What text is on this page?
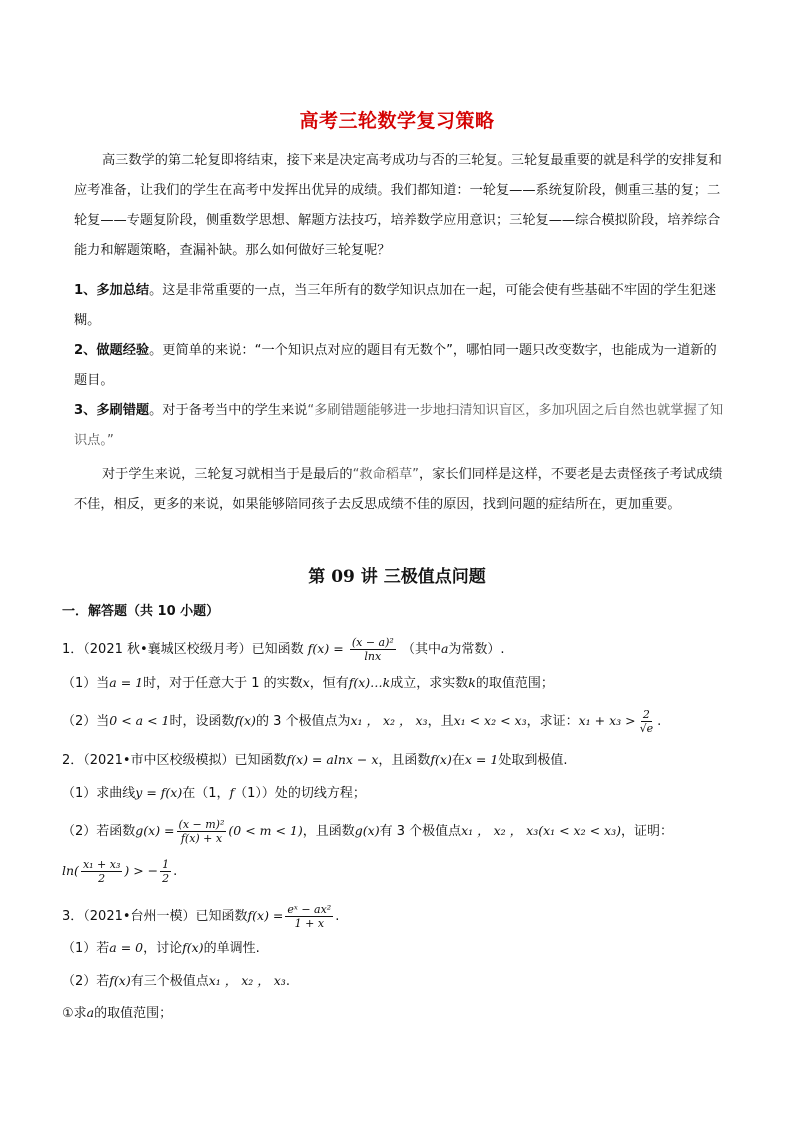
高考三轮数学复习策略

高三数学的第二轮复即将结束，接下来是决定高考成功与否的三轮复。三轮复最重要的就是科学的安排复和应考准备，让我们的学生在高考中发挥出优异的成绩。我们都知道：一轮复——系统复阶段，侧重三基的复；二轮复——专题复阶段，侧重数学思想、解题方法技巧，培养数学应用意识；三轮复——综合模拟阶段，培养综合能力和解题策略，查漏补缺。那么如何做好三轮复呢？

1、多加总结。这是非常重要的一点，当三年所有的数学知识点加在一起，可能会使有些基础不牢固的学生犯迷糊。

2、做题经验。更简单的来说：“一个知识点对应的题目有无数个”，哪怕同一题只改变数字，也能成为一道新的题目。

3、多刷错题。对于备考当中的学生来说“多刷错题能够进一步地扫清知识盲区，多加巩固之后自然也就掌握了知识点。”

对于学生来说，三轮复习就相当于是最后的“救命稻草”，家长们同样是这样，不要老是去责怪孩子考试成绩不佳，相反，更多的来说，如果能够陪同孩子去反思成绩不佳的原因，找到问题的症结所在，更加重要。

第 09 讲 三极值点问题
一．解答题（共 10 小题）
1．（2021 秋•襄城区校级月考）已知函数 $f(x) = \frac{\text{(x − a)²}}{\ln x}$ （其中a为常数）.
（1）当a = 1时，对于任意大于 1 的实数x，恒有f(x)…k成立，求实数k的取值范围；
（2）当0 < a < 1时，设函数f(x)的 3 个极值点为x₁ ， x₂ ， x₃，且x₁ < x₂ < x₃，求证：$x_1 + x_3 > \frac{2}{√e}$ .
2．（2021•市中区校级模拟）已知函数f(x) = alnx − x，且函数f(x)在x = 1处取到极值.
（1）求曲线y = f(x)在（1，f（1））处的切线方程；
（2）若函数$g(x) = \frac{\text{(x − m)²}}{f(x) + x} (0 < m < 1)$，且函数g(x)有 3 个极值点x₁ ， x₂ ， x₃(x₁ < x₂ < x₃)，证明：
$\ln( \frac{\text{x₁ + x₃}}{2}$ ) > − $\frac{1}{2}$ .
3．（2021•台州一模）已知函数$f(x) = \frac{\text{eˣ − ax²}}{1 + x}$ .
（1）若a = 0，讨论f(x)的单调性.
（2）若f(x)有三个极值点x₁ ， x₂ ， x₃.
①求a的取值范围；
